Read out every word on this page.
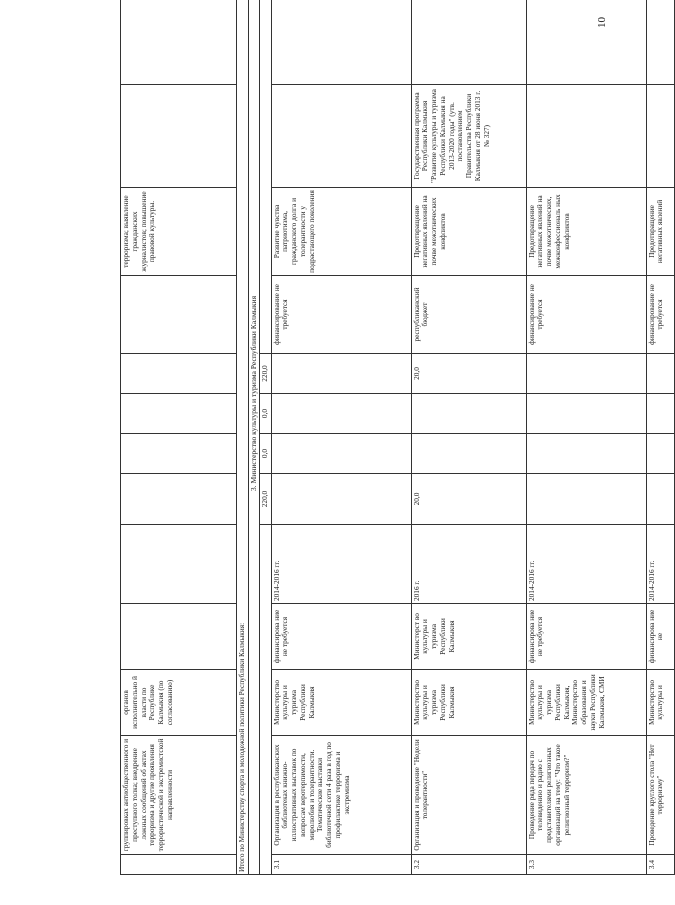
10
	группировках антиобщественного и преступного толка; внедрение ложных сообщений об актах терроризма и другие проявления террористической и экстремистской направленности	органов исполнительно й власти по Республике Калмыкия (по согласованию)								терроризма; выявление гражданских журналистов; повышение правовой культуры.		
Итого по Министерству спорта и молодежной политики Республики Калмыкия:												
3. Министерство культуры и туризма Республики Калмыкия												
					220,0	0,0	0,0	220,0				
3.1	Организация в республиканских библиотеках книжно-иллюстративных выставок по вопросам веротерпимости, миролюбия и толерантности. Тематические выставки библиотечной сети 4 раза в год по профилактике терроризма и экстремизма	Министерство культуры и туризма Республики Калмыкия	финансирова ние не требуется	2014-2016 гг.					финансирование не требуется	Развитие чувства патриотизма, гражданского долга и толерантности у подрастающего поколения		
3.2	Организация и проведение "Недели толерантности"	Министерство культуры и туризма Республики Калмыкия	Министерст во культуры и туризма Республики Калмыкия	2016 г.	20,0			20,0	республиканский бюджет	Предотвращение негативных явлений на почве межэтнических конфликтов	Государственная программа Республики Калмыкия "Развитие культуры и туризма Республики Калмыкия на 2013-2020 годы" (утв. постановлением Правительства Республики Калмыкия от 28 июня 2013 г. № 327)	
3.3	Проведение ряда передач по телевидению и радио с представителями религиозных организаций на тему: "Что такое религиозный терроризм?"	Министерство культуры и туризма Республики Калмыкия, Министерство образования и науки Республики Калмыкия, СМИ	финансирова ние не требуется	2014-2016 гг.					финансирование не требуется	Предотвращение негативных явлений на почве межэтнических, межконфессиональ ных конфликтов		
3.4	Проведение круглого стола "Нет терроризму"	Министерство культуры и	финансирова ние не	2014-2016 гг.					финансирование не требуется	Предотвращение негативных явлений		
